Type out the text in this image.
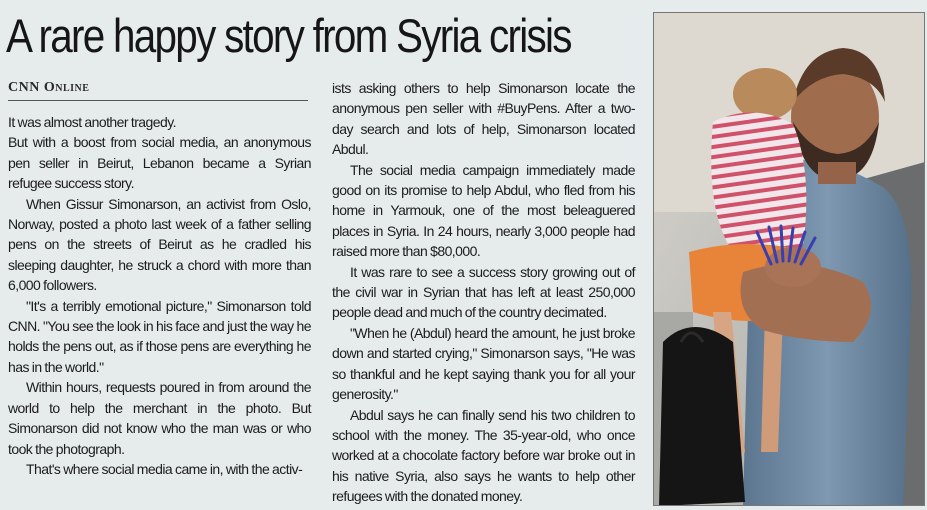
A rare happy story from Syria crisis
CNN Online

It was almost another tragedy.

But with a boost from social media, an anonymous pen seller in Beirut, Lebanon became a Syrian refugee success story.

When Gissur Simonarson, an activist from Oslo, Norway, posted a photo last week of a father selling pens on the streets of Beirut as he cradled his sleeping daughter, he struck a chord with more than 6,000 followers.

"It's a terribly emotional picture," Simonarson told CNN. "You see the look in his face and just the way he holds the pens out, as if those pens are everything he has in the world."

Within hours, requests poured in from around the world to help the merchant in the photo. But Simonarson did not know who the man was or who took the photograph.

That's where social media came in, with the activ-

ists asking others to help Simonarson locate the anonymous pen seller with #BuyPens. After a two-day search and lots of help, Simonarson located Abdul.

The social media campaign immediately made good on its promise to help Abdul, who fled from his home in Yarmouk, one of the most beleaguered places in Syria. In 24 hours, nearly 3,000 people had raised more than $80,000.

It was rare to see a success story growing out of the civil war in Syrian that has left at least 250,000 people dead and much of the country decimated.

"When he (Abdul) heard the amount, he just broke down and started crying," Simonarson says, "He was so thankful and he kept saying thank you for all your generosity."

Abdul says he can finally send his two children to school with the money. The 35-year-old, who once worked at a chocolate factory before war broke out in his native Syria, also says he wants to help other refugees with the donated money.
